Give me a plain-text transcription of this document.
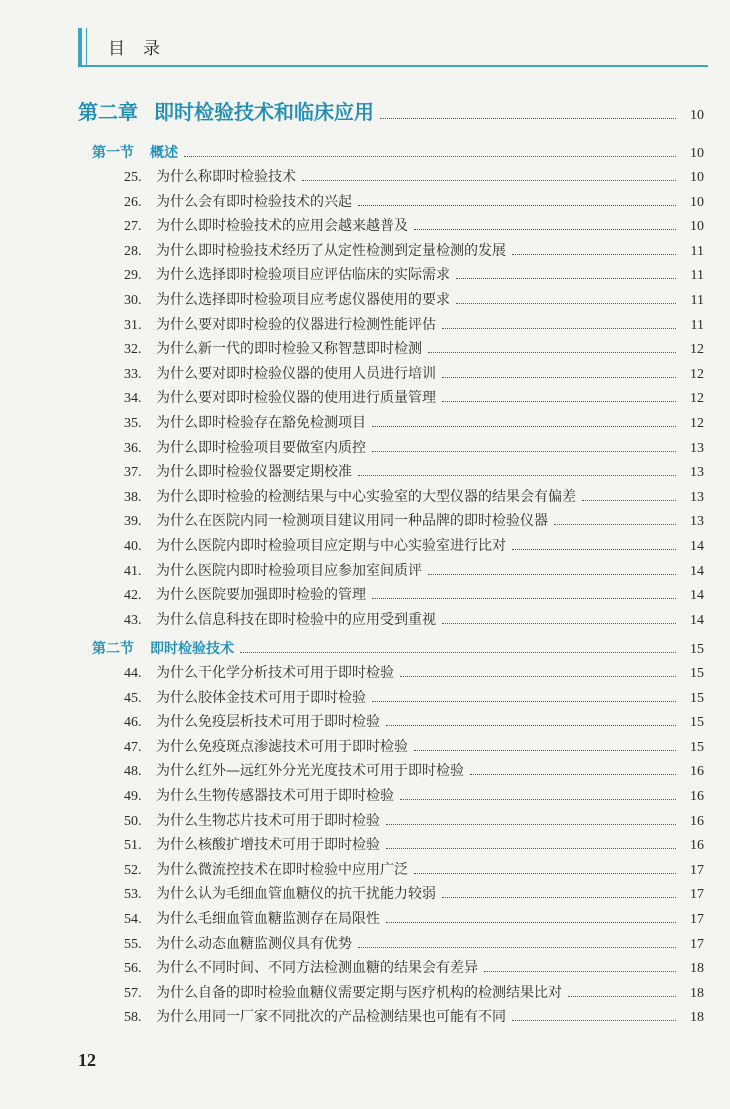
目录
第二章 即时检验技术和临床应用	10
第一节 概述	10
25.	为什么称即时检验技术	10
26.	为什么会有即时检验技术的兴起	10
27.	为什么即时检验技术的应用会越来越普及	10
28.	为什么即时检验技术经历了从定性检测到定量检测的发展	11
29.	为什么选择即时检验项目应评估临床的实际需求	11
30.	为什么选择即时检验项目应考虑仪器使用的要求	11
31.	为什么要对即时检验的仪器进行检测性能评估	11
32.	为什么新一代的即时检验又称智慧即时检测	12
33.	为什么要对即时检验仪器的使用人员进行培训	12
34.	为什么要对即时检验仪器的使用进行质量管理	12
35.	为什么即时检验存在豁免检测项目	12
36.	为什么即时检验项目要做室内质控	13
37.	为什么即时检验仪器要定期校准	13
38.	为什么即时检验的检测结果与中心实验室的大型仪器的结果会有偏差	13
39.	为什么在医院内同一检测项目建议用同一种品牌的即时检验仪器	13
40.	为什么医院内即时检验项目应定期与中心实验室进行比对	14
41.	为什么医院内即时检验项目应参加室间质评	14
42.	为什么医院要加强即时检验的管理	14
43.	为什么信息科技在即时检验中的应用受到重视	14
第二节 即时检验技术	15
44.	为什么干化学分析技术可用于即时检验	15
45.	为什么胶体金技术可用于即时检验	15
46.	为什么免疫层析技术可用于即时检验	15
47.	为什么免疫斑点渗滤技术可用于即时检验	15
48.	为什么红外—远红外分光光度技术可用于即时检验	16
49.	为什么生物传感器技术可用于即时检验	16
50.	为什么生物芯片技术可用于即时检验	16
51.	为什么核酸扩增技术可用于即时检验	16
52.	为什么微流控技术在即时检验中应用广泛	17
53.	为什么认为毛细血管血糖仪的抗干扰能力较弱	17
54.	为什么毛细血管血糖监测存在局限性	17
55.	为什么动态血糖监测仪具有优势	17
56.	为什么不同时间、不同方法检测血糖的结果会有差异	18
57.	为什么自备的即时检验血糖仪需要定期与医疗机构的检测结果比对	18
58.	为什么用同一厂家不同批次的产品检测结果也可能有不同	18
12
